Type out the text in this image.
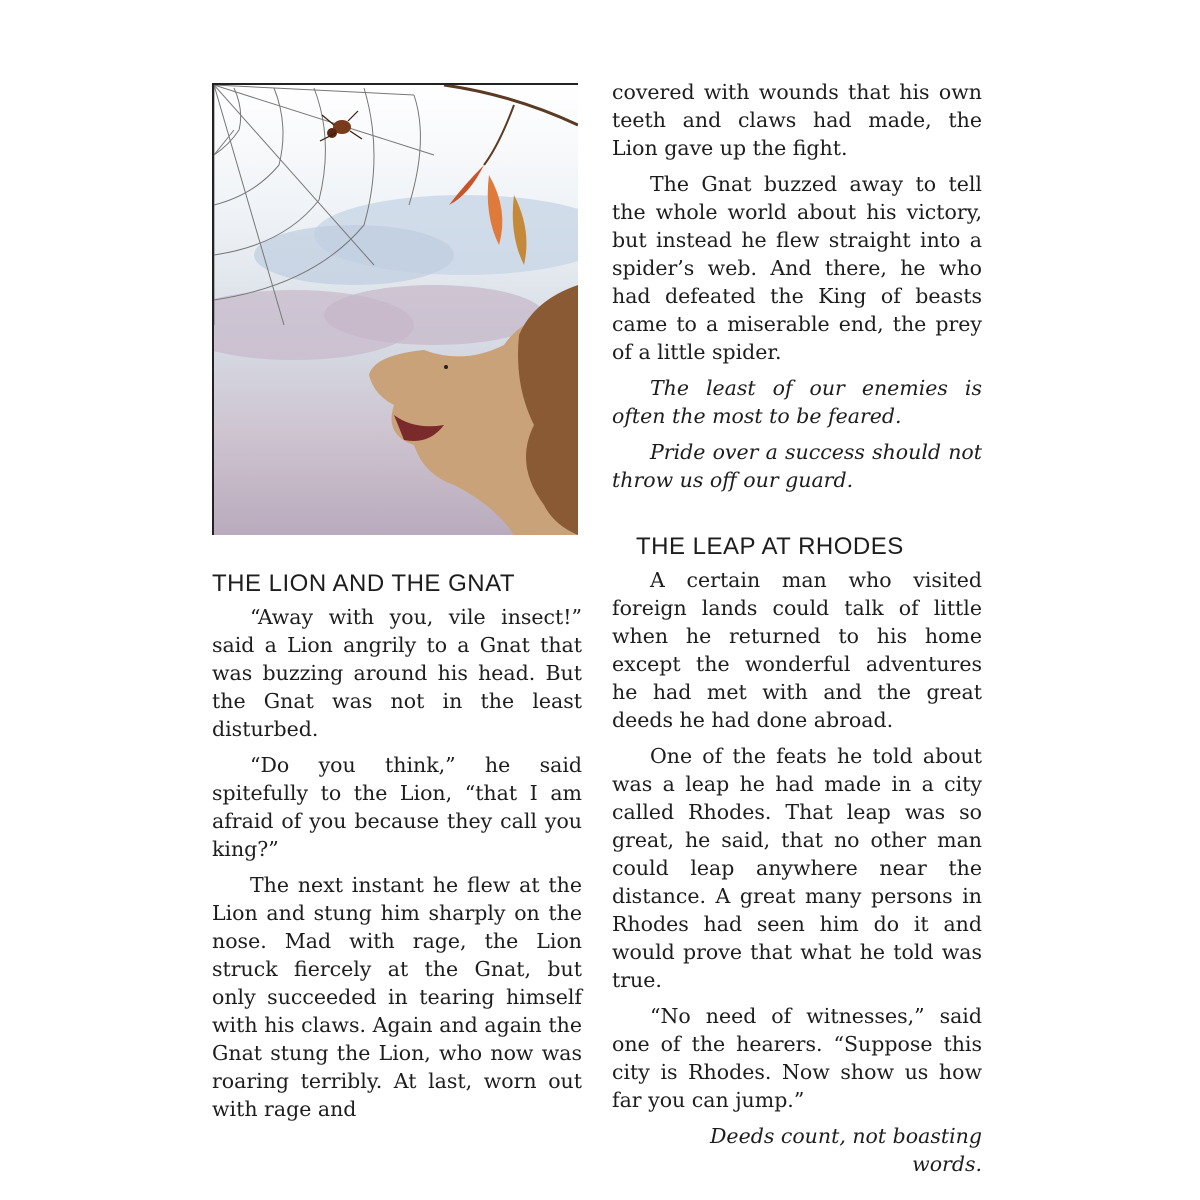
THE LION AND THE GNAT

“Away with you, vile insect!” said a Lion angrily to a Gnat that was buzzing around his head. But the Gnat was not in the least disturbed.

“Do you think,” he said spitefully to the Lion, “that I am afraid of you because they call you king?”

The next instant he flew at the Lion and stung him sharply on the nose. Mad with rage, the Lion struck fiercely at the Gnat, but only succeeded in tearing himself with his claws. Again and again the Gnat stung the Lion, who now was roaring terribly. At last, worn out with rage and

covered with wounds that his own teeth and claws had made, the Lion gave up the fight.

The Gnat buzzed away to tell the whole world about his victory, but instead he flew straight into a spider’s web. And there, he who had defeated the King of beasts came to a miserable end, the prey of a little spider.

The least of our enemies is often the most to be feared.

Pride over a success should not throw us off our guard.

THE LEAP AT RHODES

A certain man who visited foreign lands could talk of little when he returned to his home except the wonderful adventures he had met with and the great deeds he had done abroad.

One of the feats he told about was a leap he had made in a city called Rhodes. That leap was so great, he said, that no other man could leap anywhere near the distance. A great many persons in Rhodes had seen him do it and would prove that what he told was true.

“No need of witnesses,” said one of the hearers. “Suppose this city is Rhodes. Now show us how far you can jump.”

Deeds count, not boasting words.
